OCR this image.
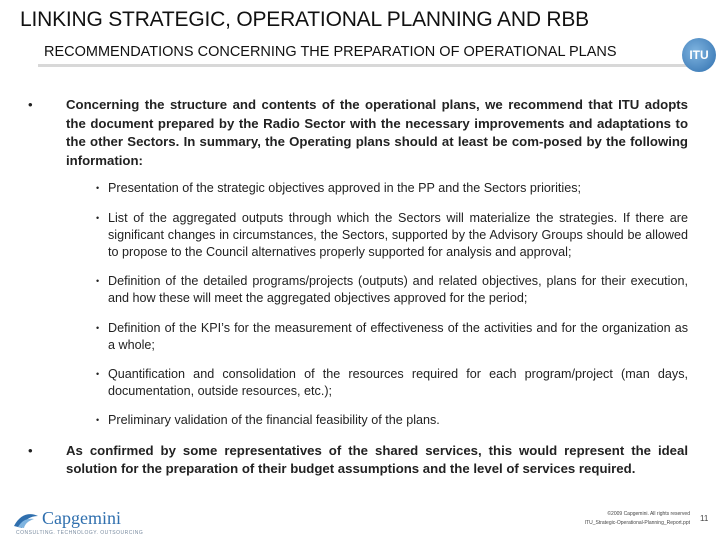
LINKING STRATEGIC, OPERATIONAL PLANNING AND RBB
RECOMMENDATIONS CONCERNING THE PREPARATION OF OPERATIONAL PLANS	ITU
•	Concerning the structure and contents of the operational plans, we recommend that ITU adopts the document prepared by the Radio Sector with the necessary improvements and adaptations to the other Sectors. In summary, the Operating plans should at least be com-posed by the following information:
• Presentation of the strategic objectives approved in the PP and the Sectors priorities;
• List of the aggregated outputs through which the Sectors will materialize the strategies. If there are significant changes in circumstances, the Sectors, supported by the Advisory Groups should be allowed to propose to the Council alternatives properly supported for analysis and approval;
• Definition of the detailed programs/projects (outputs) and related objectives, plans for their execution, and how these will meet the aggregated objectives approved for the period;
• Definition of the KPI’s for the measurement of effectiveness of the activities and for the organization as a whole;
• Quantification and consolidation of the resources required for each program/project (man days, documentation, outside resources, etc.);
• Preliminary validation of the financial feasibility of the plans.
•	As confirmed by some representatives of the shared services, this would represent the ideal solution for the preparation of their budget assumptions and the level of services required.
Capgemini
CONSULTING. TECHNOLOGY. OUTSOURCING
©2009 Capgemini. All rights reserved
ITU_Strategic-Operational-Planning_Report.ppt 11
